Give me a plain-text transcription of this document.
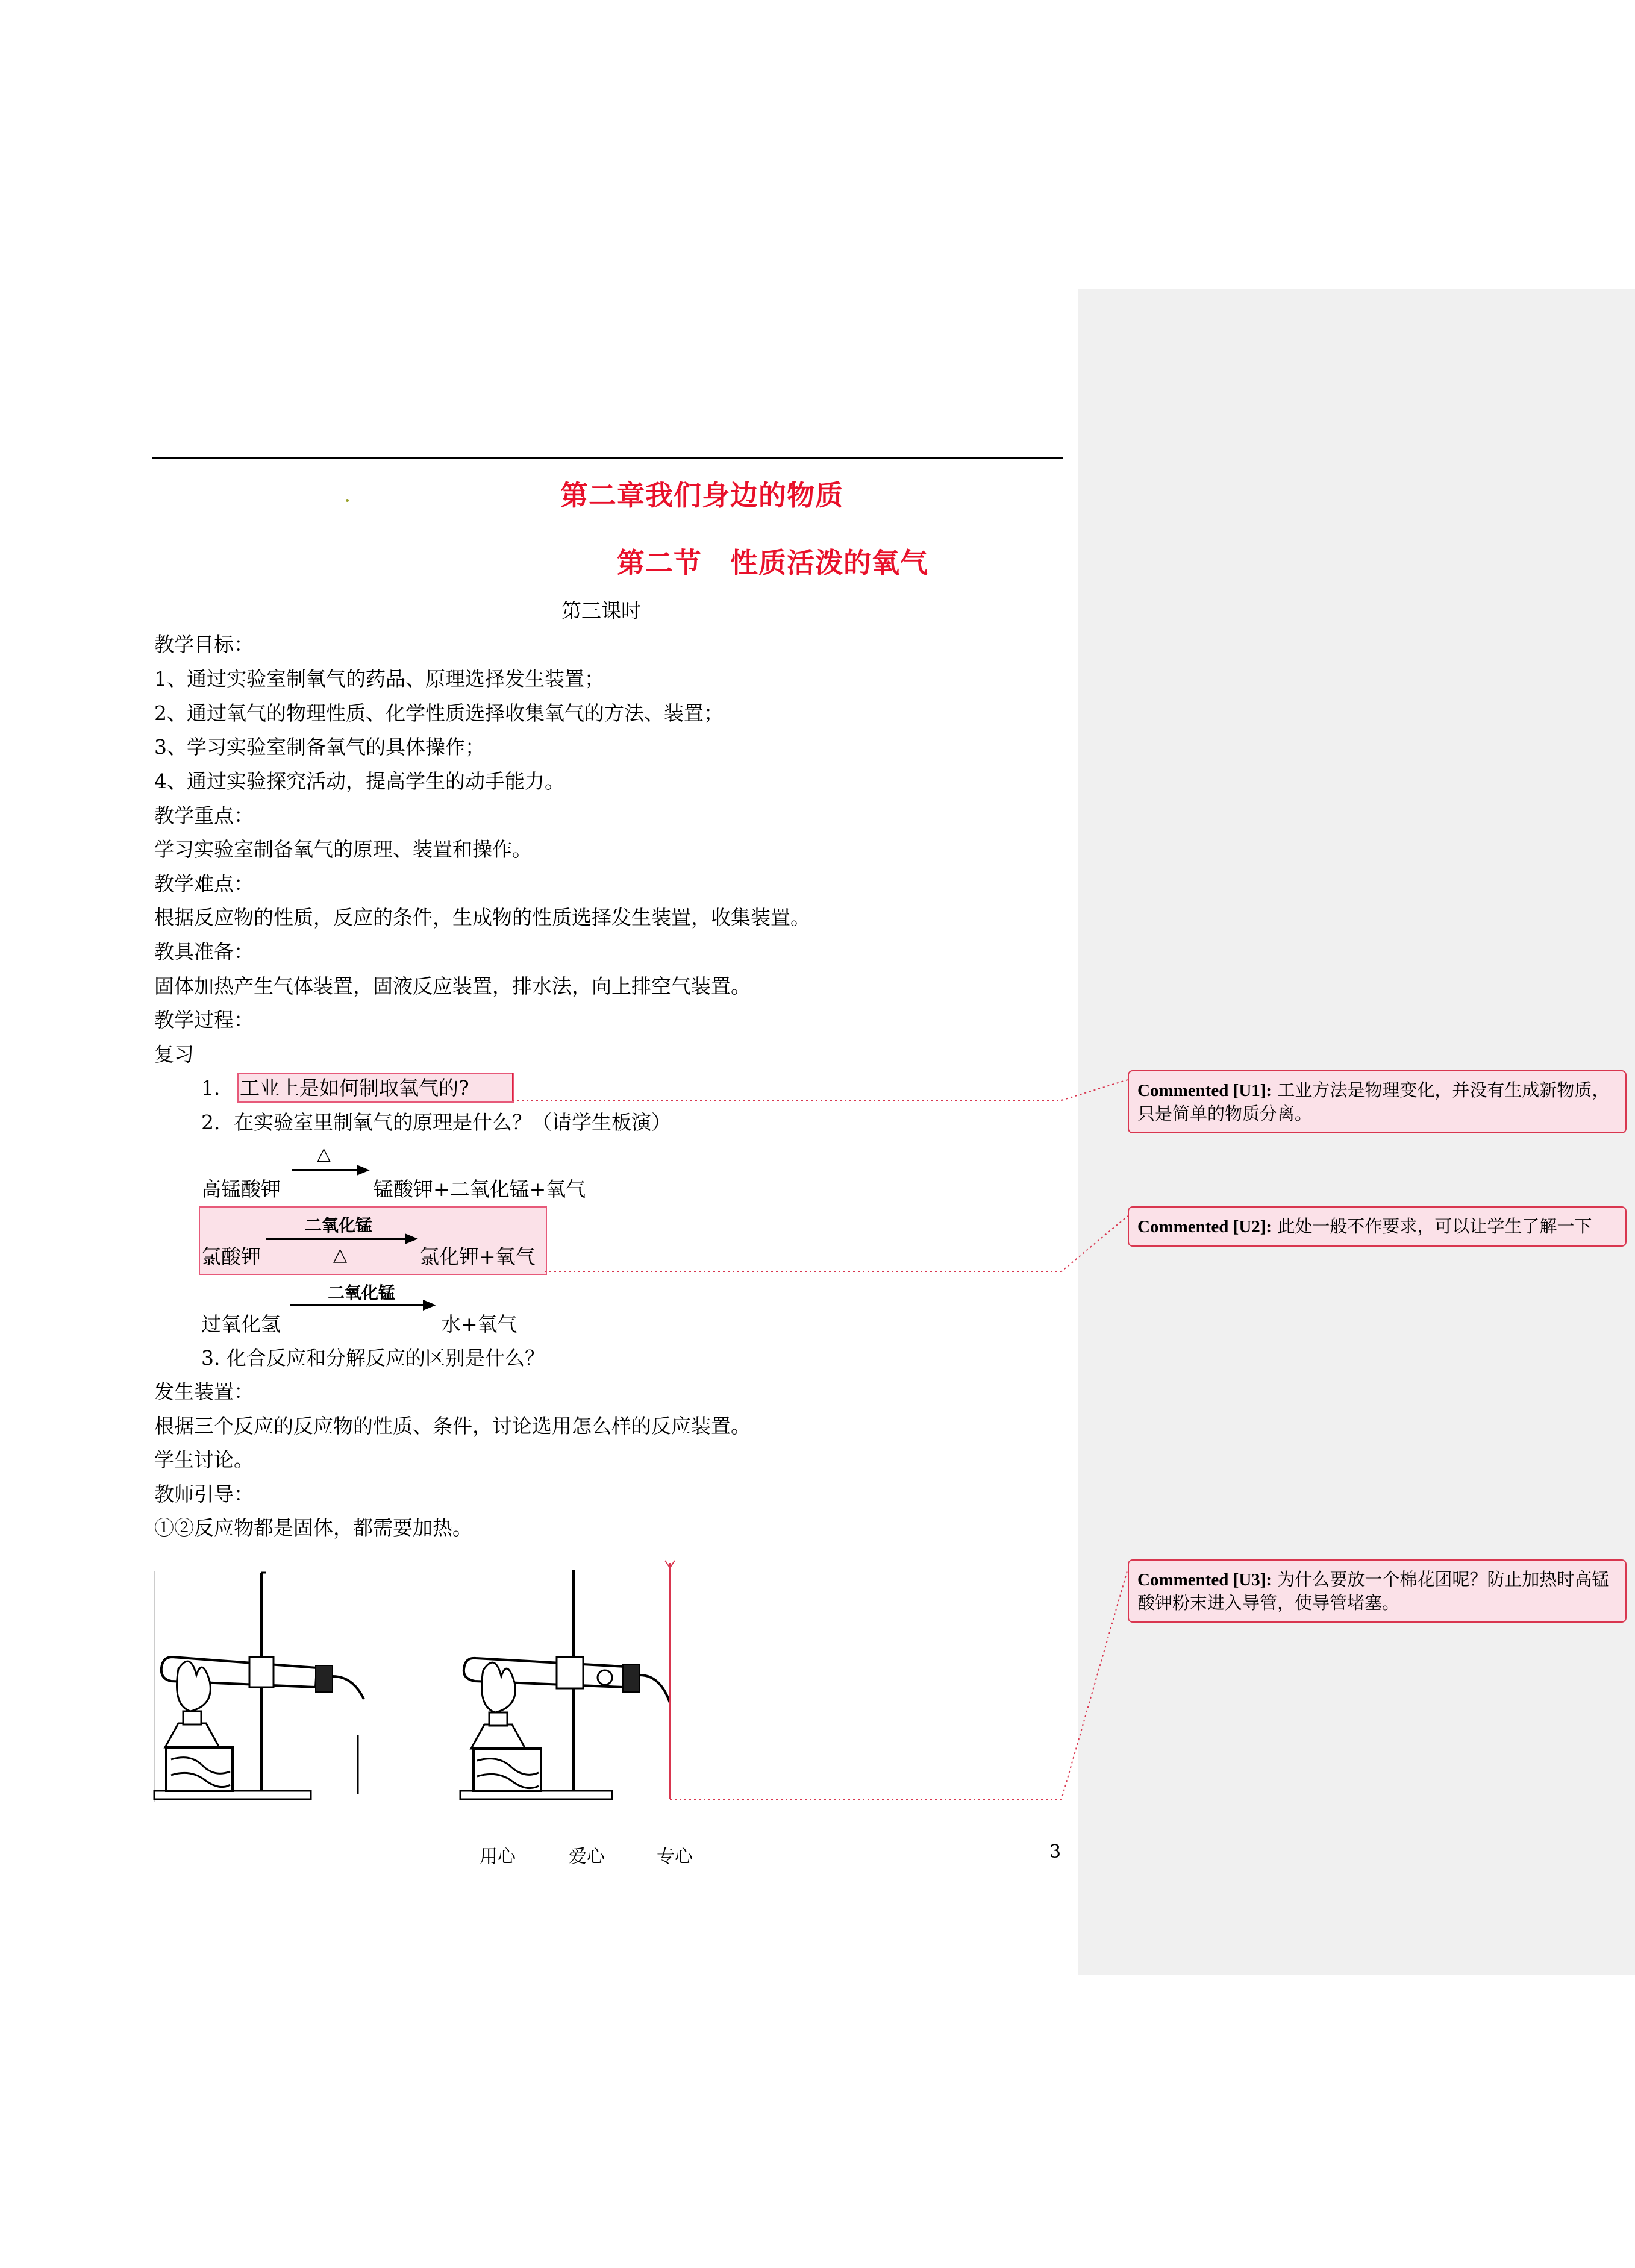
第二章我们身边的物质
第二节　性质活泼的氧气
第三课时
教学目标：
1、通过实验室制氧气的药品、原理选择发生装置；
2、通过氧气的物理性质、化学性质选择收集氧气的方法、装置；
3、学习实验室制备氧气的具体操作；
4、通过实验探究活动，提高学生的动手能力。
教学重点：
学习实验室制备氧气的原理、装置和操作。
教学难点：
根据反应物的性质，反应的条件，生成物的性质选择发生装置，收集装置。
教具准备：
固体加热产生气体装置，固液反应装置，排水法，向上排空气装置。
教学过程：
复习
1． 工业上是如何制取氧气的?
2．在实验室里制氧气的原理是什么？（请学生板演）
△
高锰酸钾	锰酸钾+二氧化锰+氧气
二氧化锰
△
氯酸钾	氯化钾+氧气
二氧化锰
过氧化氢	水+氧气
3. 化合反应和分解反应的区别是什么？
发生装置：
根据三个反应的反应物的性质、条件，讨论选用怎么样的反应装置。
学生讨论。
教师引导：
①②反应物都是固体，都需要加热。
Commented [U1]: 工业方法是物理变化，并没有生成新物质，只是简单的物质分离。
Commented [U2]: 此处一般不作要求，可以让学生了解一下
Commented [U3]: 为什么要放一个棉花团呢？防止加热时高锰酸钾粉末进入导管，使导管堵塞。
用心	爱心	专心	3
